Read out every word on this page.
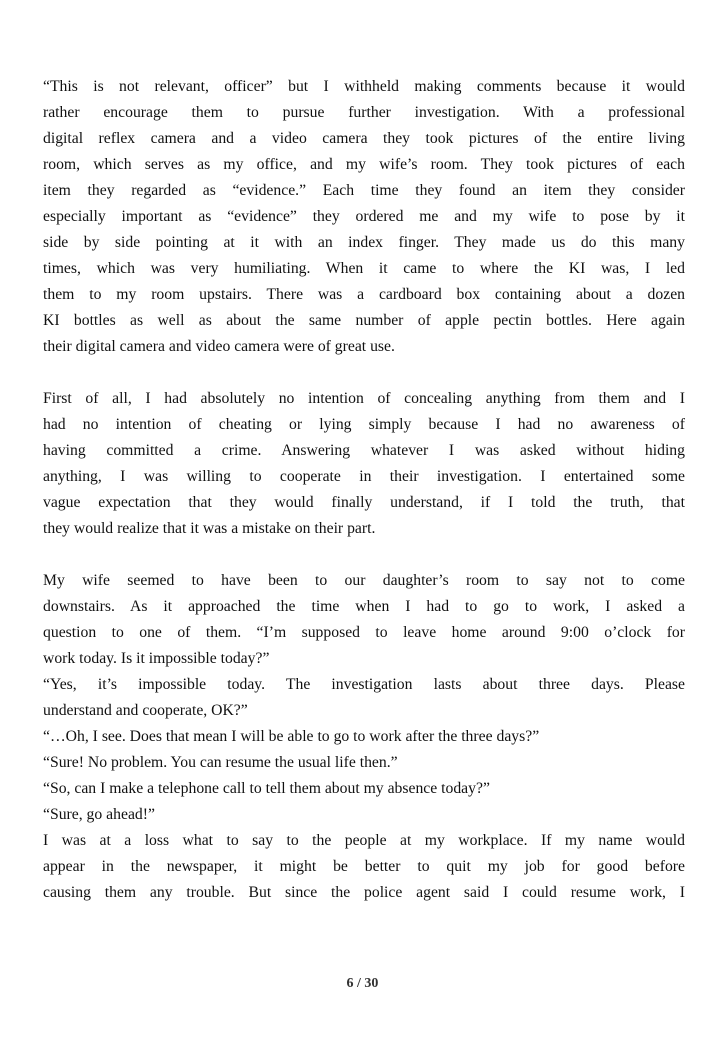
“This is not relevant, officer” but I withheld making comments because it would
rather encourage them to pursue further investigation. With a professional
digital reflex camera and a video camera they took pictures of the entire living
room, which serves as my office, and my wife’s room. They took pictures of each
item they regarded as “evidence.” Each time they found an item they consider
especially important as “evidence” they ordered me and my wife to pose by it
side by side pointing at it with an index finger. They made us do this many
times, which was very humiliating. When it came to where the KI was, I led
them to my room upstairs. There was a cardboard box containing about a dozen
KI bottles as well as about the same number of apple pectin bottles. Here again
their digital camera and video camera were of great use.
First of all, I had absolutely no intention of concealing anything from them and I
had no intention of cheating or lying simply because I had no awareness of
having committed a crime. Answering whatever I was asked without hiding
anything, I was willing to cooperate in their investigation. I entertained some
vague expectation that they would finally understand, if I told the truth, that
they would realize that it was a mistake on their part.
My wife seemed to have been to our daughter’s room to say not to come
downstairs. As it approached the time when I had to go to work, I asked a
question to one of them. “I’m supposed to leave home around 9:00 o’clock for
work today. Is it impossible today?”
“Yes, it’s impossible today. The investigation lasts about three days. Please
understand and cooperate, OK?”
“…Oh, I see. Does that mean I will be able to go to work after the three days?”
“Sure! No problem. You can resume the usual life then.”
“So, can I make a telephone call to tell them about my absence today?”
“Sure, go ahead!”
I was at a loss what to say to the people at my workplace. If my name would
appear in the newspaper, it might be better to quit my job for good before
causing them any trouble. But since the police agent said I could resume work, I
6 / 30
